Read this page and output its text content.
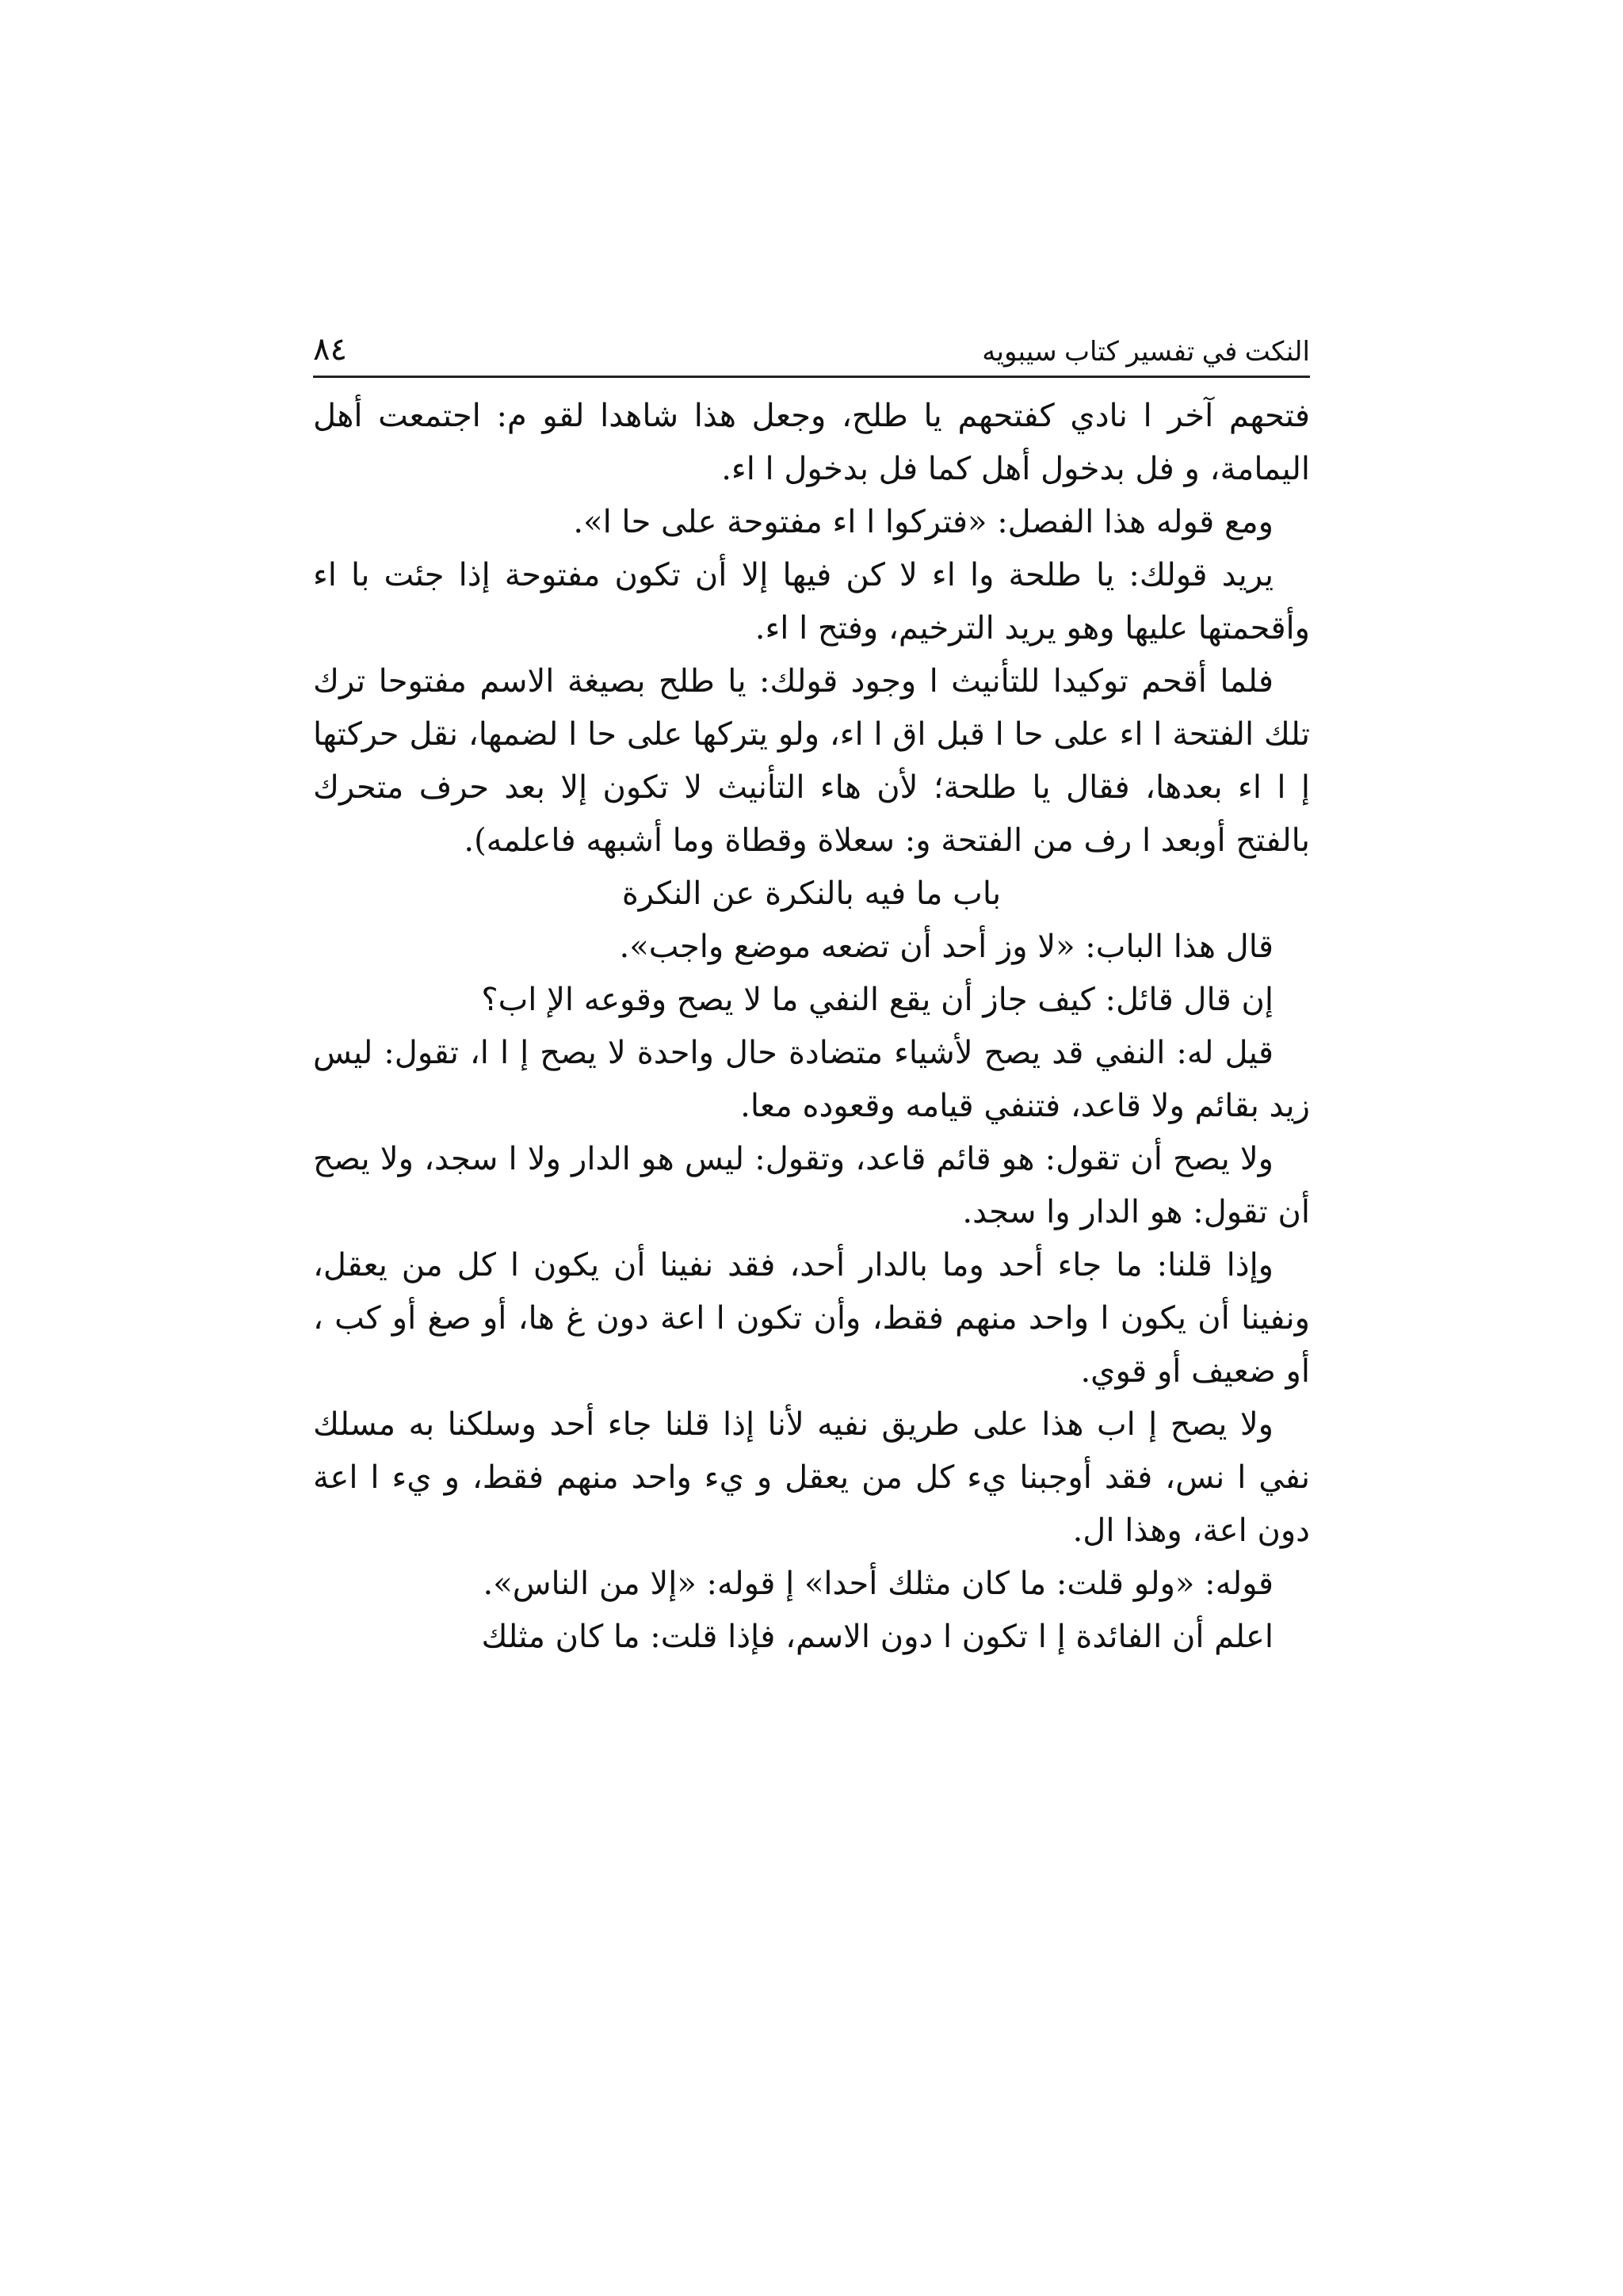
النكت في تفسير كتاب سيبويه
٨٤

فتحهم آخر ا نادي كفتحهم يا طلح، وجعل هذا شاهدا لقو م: اجتمعت أهل اليمامة، و فل بدخول أهل كما فل بدخول ا اء.

ومع قوله هذا الفصل: «فتركوا ا اء مفتوحة على حا ا».

يريد قولك: يا طلحة وا اء لا كن فيها إلا أن تكون مفتوحة إذا جئت با اء وأقحمتها عليها وهو يريد الترخيم، وفتح ا اء.

فلما أقحم توكيدا للتأنيث ا وجود قولك: يا طلح بصيغة الاسم مفتوحا ترك تلك الفتحة ا اء على حا ا قبل اق ا اء، ولو يتركها على حا ا لضمها، نقل حركتها إ ا اء بعدها، فقال يا طلحة؛ لأن هاء التأنيث لا تكون إلا بعد حرف متحرك بالفتح أوبعد ا رف من الفتحة و: سعلاة وقطاة وما أشبهه فاعلمه).

باب ما فيه بالنكرة عن النكرة

قال هذا الباب: «لا وز أحد أن تضعه موضع واجب».

إن قال قائل: كيف جاز أن يقع النفي ما لا يصح وقوعه الإ اب؟

قيل له: النفي قد يصح لأشياء متضادة حال واحدة لا يصح إ ا ا، تقول: ليس زيد بقائم ولا قاعد، فتنفي قيامه وقعوده معا.

ولا يصح أن تقول: هو قائم قاعد، وتقول: ليس هو الدار ولا ا سجد، ولا يصح أن تقول: هو الدار وا سجد.

وإذا قلنا: ما جاء أحد وما بالدار أحد، فقد نفينا أن يكون ا كل من يعقل، ونفينا أن يكون ا واحد منهم فقط، وأن تكون ا اعة دون غ ها، أو صغ أو كب ، أو ضعيف أو قوي.

ولا يصح إ اب هذا على طريق نفيه لأنا إذا قلنا جاء أحد وسلكنا به مسلك نفي ا نس، فقد أوجبنا يء كل من يعقل و يء واحد منهم فقط، و يء ا اعة دون اعة، وهذا ال.

قوله: «ولو قلت: ما كان مثلك أحدا» إ قوله: «إلا من الناس».

اعلم أن الفائدة إ ا تكون ا دون الاسم، فإذا قلت: ما كان مثلك
